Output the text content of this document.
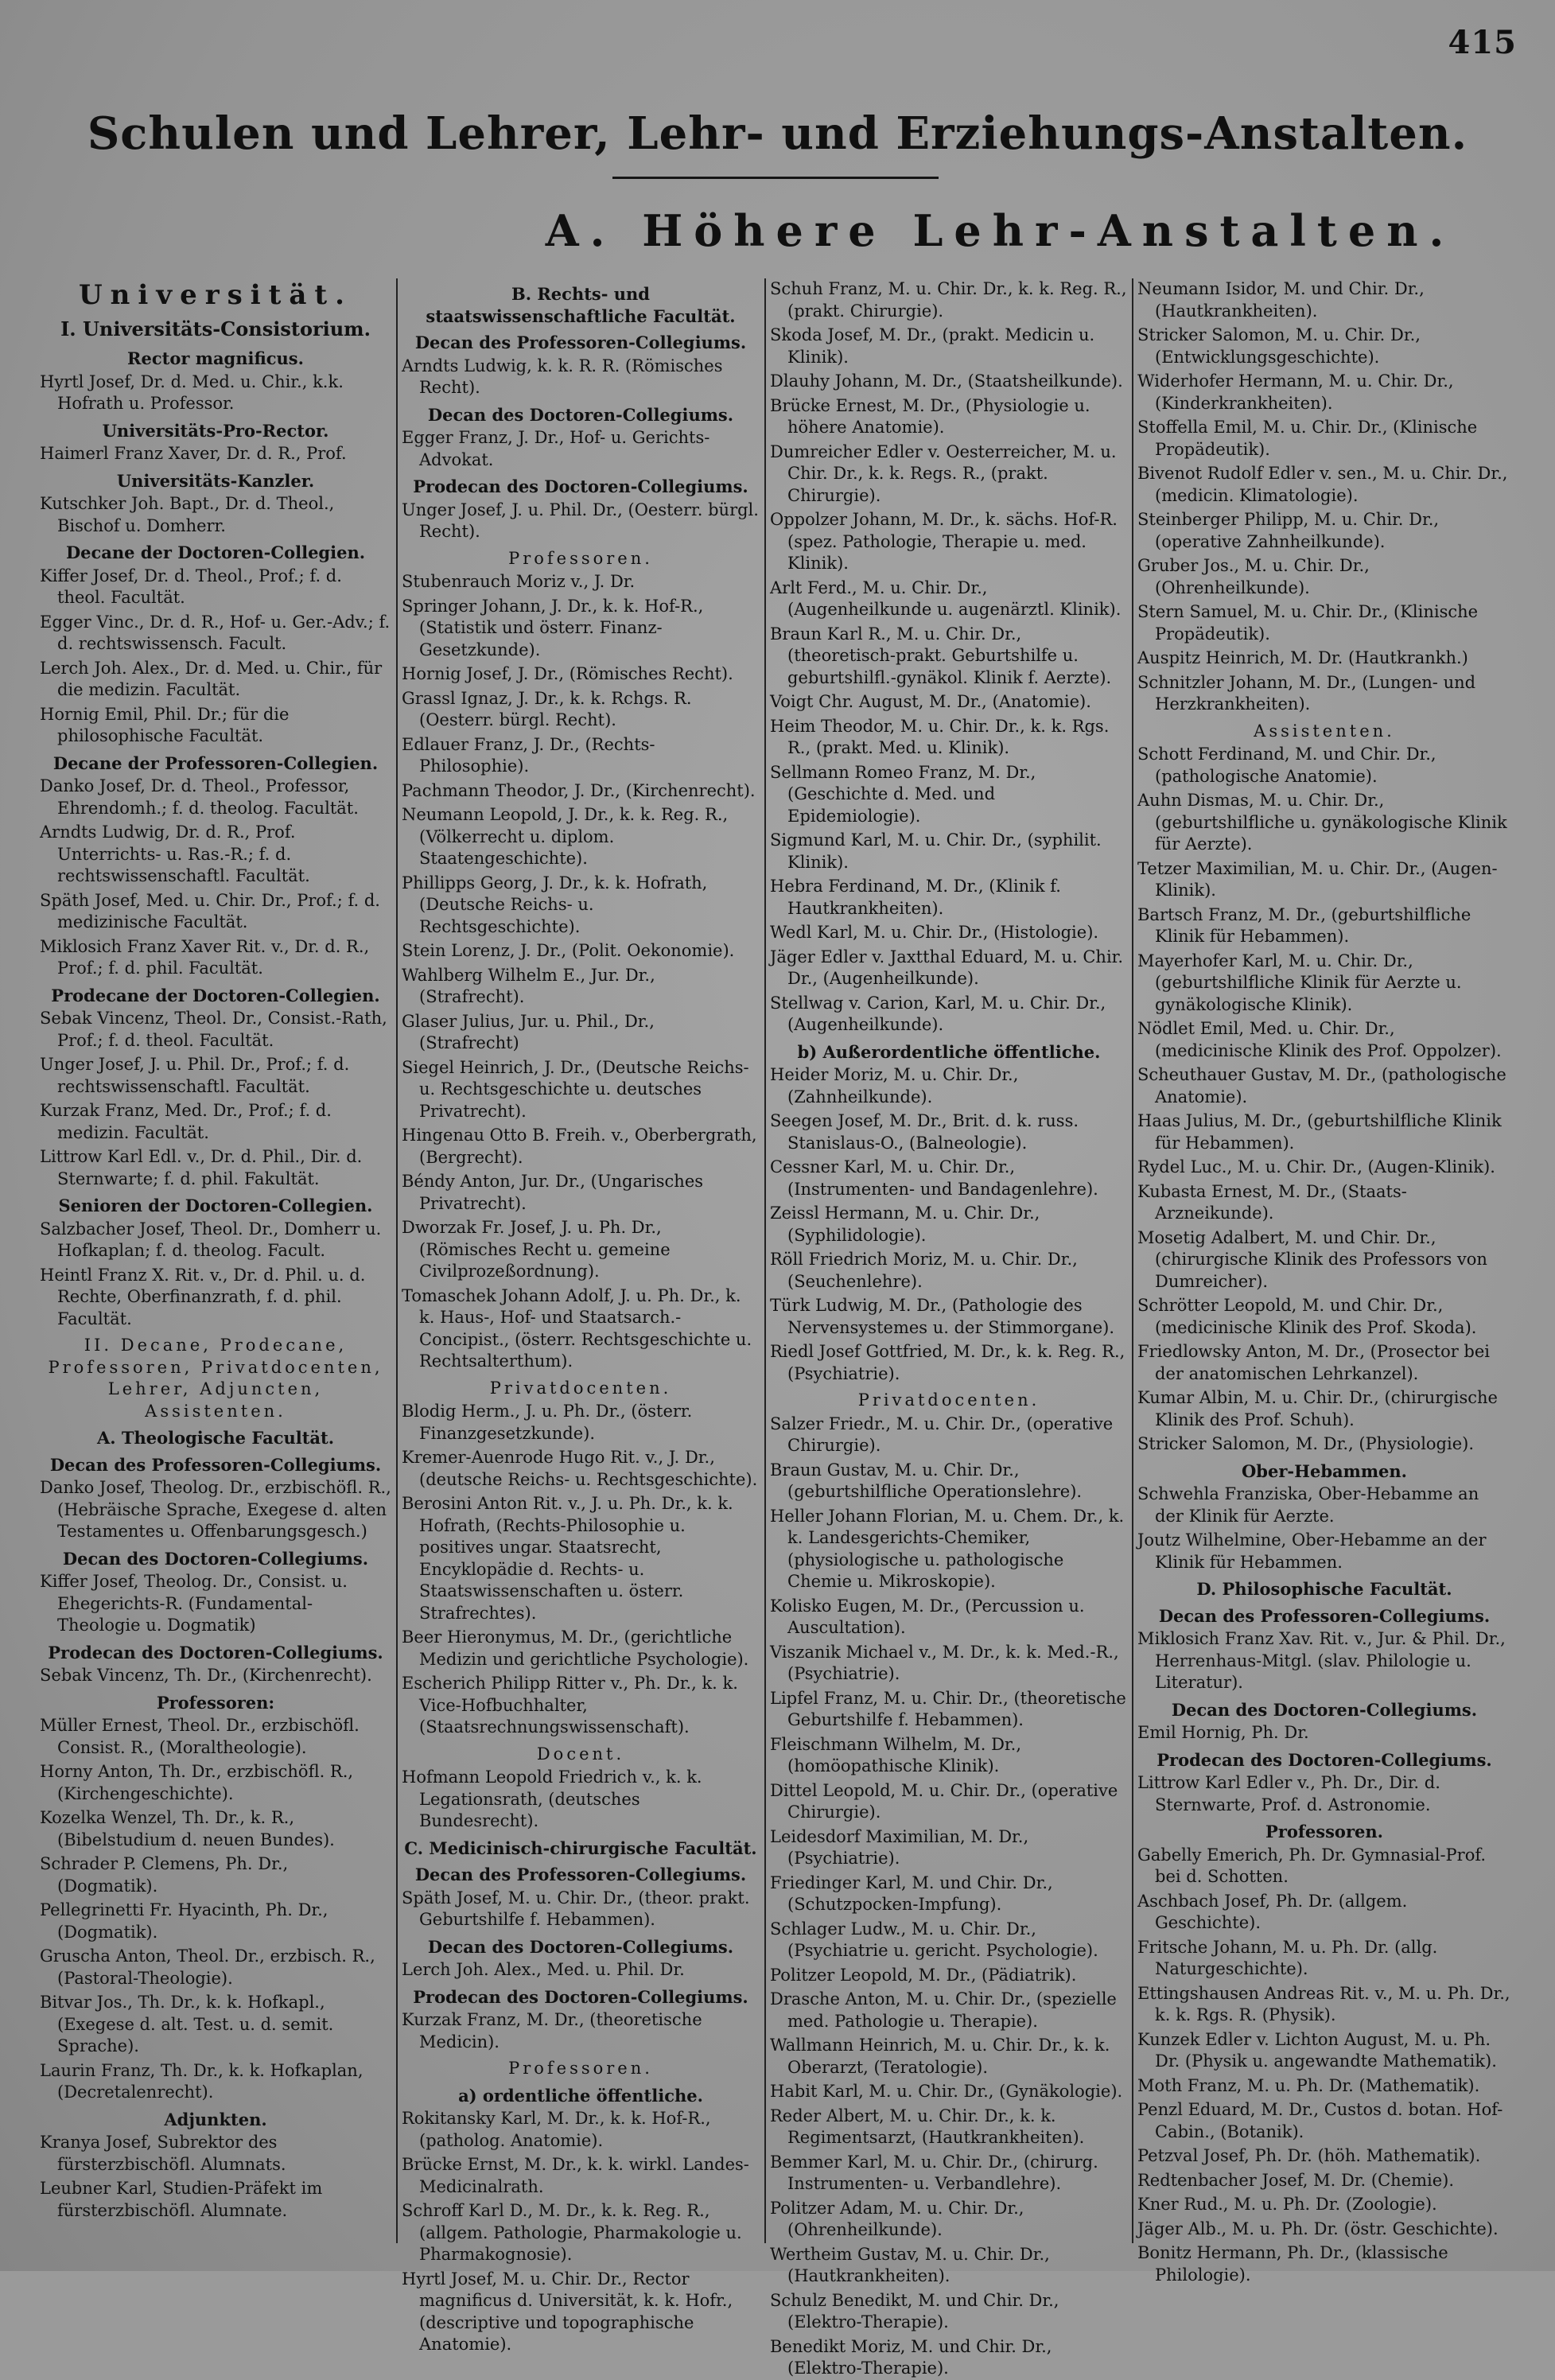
415
Schulen und Lehrer, Lehr- und Erziehungs-Anstalten.
A. Höhere Lehr-Anstalten.
Universität.
I. Universitäts-Consistorium.
Rector magnificus.
Hyrtl Josef, Dr. d. Med. u. Chir., k.k. Hofrath u. Professor.
Universitäts-Pro-Rector.
Haimerl Franz Xaver, Dr. d. R., Prof.
Universitäts-Kanzler.
Kutschker Joh. Bapt., Dr. d. Theol., Bischof u. Domherr.
Decane der Doctoren-Collegien.
Kiffer Josef, Dr. d. Theol., Prof.; f. d. theol. Facultät.
Egger Vinc., Dr. d. R., Hof- u. Ger.-Adv.; f. d. rechtswissensch. Facult.
Lerch Joh. Alex., Dr. d. Med. u. Chir., für die medizin. Facultät.
Hornig Emil, Phil. Dr.; für die philosophische Facultät.
Decane der Professoren-Collegien.
Danko Josef, Dr. d. Theol., Professor, Ehrendomh.; f. d. theolog. Facultät.
Arndts Ludwig, Dr. d. R., Prof. Unterrichts- u. Ras.-R.; f. d. rechtswissenschaftl. Facultät.
Späth Josef, Med. u. Chir. Dr., Prof.; f. d. medizinische Facultät.
Miklosich Franz Xaver Rit. v., Dr. d. R., Prof.; f. d. phil. Facultät.
Prodecane der Doctoren-Collegien.
Sebak Vincenz, Theol. Dr., Consist.-Rath, Prof.; f. d. theol. Facultät.
Unger Josef, J. u. Phil. Dr., Prof.; f. d. rechtswissenschaftl. Facultät.
Kurzak Franz, Med. Dr., Prof.; f. d. medizin. Facultät.
Littrow Karl Edl. v., Dr. d. Phil., Dir. d. Sternwarte; f. d. phil. Fakultät.
Senioren der Doctoren-Collegien.
Salzbacher Josef, Theol. Dr., Domherr u. Hofkaplan; f. d. theolog. Facult.
Heintl Franz X. Rit. v., Dr. d. Phil. u. d. Rechte, Oberfinanzrath, f. d. phil. Facultät.
II. Decane, Prodecane, Professoren, Privatdocenten, Lehrer, Adjuncten, Assistenten.
A. Theologische Facultät.
Decan des Professoren-Collegiums.
Danko Josef, Theolog. Dr., erzbischöfl. R., (Hebräische Sprache, Exegese d. alten Testamentes u. Offenbarungsgesch.)
Decan des Doctoren-Collegiums.
Kiffer Josef, Theolog. Dr., Consist. u. Ehegerichts-R. (Fundamental-Theologie u. Dogmatik)
Prodecan des Doctoren-Collegiums.
Sebak Vincenz, Th. Dr., (Kirchenrecht).
Professoren:
Müller Ernest, Theol. Dr., erzbischöfl. Consist. R., (Moraltheologie).
Horny Anton, Th. Dr., erzbischöfl. R., (Kirchengeschichte).
Kozelka Wenzel, Th. Dr., k. R., (Bibelstudium d. neuen Bundes).
Schrader P. Clemens, Ph. Dr., (Dogmatik).
Pellegrinetti Fr. Hyacinth, Ph. Dr., (Dogmatik).
Gruscha Anton, Theol. Dr., erzbisch. R., (Pastoral-Theologie).
Bitvar Jos., Th. Dr., k. k. Hofkapl., (Exegese d. alt. Test. u. d. semit. Sprache).
Laurin Franz, Th. Dr., k. k. Hofkaplan, (Decretalenrecht).
Adjunkten.
Kranya Josef, Subrektor des fürsterzbischöfl. Alumnats.
Leubner Karl, Studien-Präfekt im fürsterzbischöfl. Alumnate.
B. Rechts- und staatswissenschaftliche Facultät.
Decan des Professoren-Collegiums.
Arndts Ludwig, k. k. R. R. (Römisches Recht).
Decan des Doctoren-Collegiums.
Egger Franz, J. Dr., Hof- u. Gerichts-Advokat.
Prodecan des Doctoren-Collegiums.
Unger Josef, J. u. Phil. Dr., (Oesterr. bürgl. Recht).
Professoren.
Stubenrauch Moriz v., J. Dr.
Springer Johann, J. Dr., k. k. Hof-R., (Statistik und österr. Finanz-Gesetzkunde).
Hornig Josef, J. Dr., (Römisches Recht).
Grassl Ignaz, J. Dr., k. k. Rchgs. R. (Oesterr. bürgl. Recht).
Edlauer Franz, J. Dr., (Rechts-Philosophie).
Pachmann Theodor, J. Dr., (Kirchenrecht).
Neumann Leopold, J. Dr., k. k. Reg. R., (Völkerrecht u. diplom. Staatengeschichte).
Phillipps Georg, J. Dr., k. k. Hofrath, (Deutsche Reichs- u. Rechtsgeschichte).
Stein Lorenz, J. Dr., (Polit. Oekonomie).
Wahlberg Wilhelm E., Jur. Dr., (Strafrecht).
Glaser Julius, Jur. u. Phil., Dr., (Strafrecht)
Siegel Heinrich, J. Dr., (Deutsche Reichs- u. Rechtsgeschichte u. deutsches Privatrecht).
Hingenau Otto B. Freih. v., Oberbergrath, (Bergrecht).
Béndy Anton, Jur. Dr., (Ungarisches Privatrecht).
Dworzak Fr. Josef, J. u. Ph. Dr., (Römisches Recht u. gemeine Civilprozeßordnung).
Tomaschek Johann Adolf, J. u. Ph. Dr., k. k. Haus-, Hof- und Staatsarch.-Concipist., (österr. Rechtsgeschichte u. Rechtsalterthum).
Privatdocenten.
Blodig Herm., J. u. Ph. Dr., (österr. Finanzgesetzkunde).
Kremer-Auenrode Hugo Rit. v., J. Dr., (deutsche Reichs- u. Rechtsgeschichte).
Berosini Anton Rit. v., J. u. Ph. Dr., k. k. Hofrath, (Rechts-Philosophie u. positives ungar. Staatsrecht, Encyklopädie d. Rechts- u. Staatswissenschaften u. österr. Strafrechtes).
Beer Hieronymus, M. Dr., (gerichtliche Medizin und gerichtliche Psychologie).
Escherich Philipp Ritter v., Ph. Dr., k. k. Vice-Hofbuchhalter, (Staatsrechnungswissenschaft).
Docent.
Hofmann Leopold Friedrich v., k. k. Legationsrath, (deutsches Bundesrecht).
C. Medicinisch-chirurgische Facultät.
Decan des Professoren-Collegiums.
Späth Josef, M. u. Chir. Dr., (theor. prakt. Geburtshilfe f. Hebammen).
Decan des Doctoren-Collegiums.
Lerch Joh. Alex., Med. u. Phil. Dr.
Prodecan des Doctoren-Collegiums.
Kurzak Franz, M. Dr., (theoretische Medicin).
Professoren.
a) ordentliche öffentliche.
Rokitansky Karl, M. Dr., k. k. Hof-R., (patholog. Anatomie).
Brücke Ernst, M. Dr., k. k. wirkl. Landes-Medicinalrath.
Schroff Karl D., M. Dr., k. k. Reg. R., (allgem. Pathologie, Pharmakologie u. Pharmakognosie).
Hyrtl Josef, M. u. Chir. Dr., Rector magnificus d. Universität, k. k. Hofr., (descriptive und topographische Anatomie).
Schuh Franz, M. u. Chir. Dr., k. k. Reg. R., (prakt. Chirurgie).
Skoda Josef, M. Dr., (prakt. Medicin u. Klinik).
Dlauhy Johann, M. Dr., (Staatsheilkunde).
Brücke Ernest, M. Dr., (Physiologie u. höhere Anatomie).
Dumreicher Edler v. Oesterreicher, M. u. Chir. Dr., k. k. Regs. R., (prakt. Chirurgie).
Oppolzer Johann, M. Dr., k. sächs. Hof-R. (spez. Pathologie, Therapie u. med. Klinik).
Arlt Ferd., M. u. Chir. Dr., (Augenheilkunde u. augenärztl. Klinik).
Braun Karl R., M. u. Chir. Dr., (theoretisch-prakt. Geburtshilfe u. geburtshilfl.-gynäkol. Klinik f. Aerzte).
Voigt Chr. August, M. Dr., (Anatomie).
Heim Theodor, M. u. Chir. Dr., k. k. Rgs. R., (prakt. Med. u. Klinik).
Sellmann Romeo Franz, M. Dr., (Geschichte d. Med. und Epidemiologie).
Sigmund Karl, M. u. Chir. Dr., (syphilit. Klinik).
Hebra Ferdinand, M. Dr., (Klinik f. Hautkrankheiten).
Wedl Karl, M. u. Chir. Dr., (Histologie).
Jäger Edler v. Jaxtthal Eduard, M. u. Chir. Dr., (Augenheilkunde).
Stellwag v. Carion, Karl, M. u. Chir. Dr., (Augenheilkunde).
b) Außerordentliche öffentliche.
Heider Moriz, M. u. Chir. Dr., (Zahnheilkunde).
Seegen Josef, M. Dr., Brit. d. k. russ. Stanislaus-O., (Balneologie).
Cessner Karl, M. u. Chir. Dr., (Instrumenten- und Bandagenlehre).
Zeissl Hermann, M. u. Chir. Dr., (Syphilidologie).
Röll Friedrich Moriz, M. u. Chir. Dr., (Seuchenlehre).
Türk Ludwig, M. Dr., (Pathologie des Nervensystemes u. der Stimmorgane).
Riedl Josef Gottfried, M. Dr., k. k. Reg. R., (Psychiatrie).
Privatdocenten.
Salzer Friedr., M. u. Chir. Dr., (operative Chirurgie).
Braun Gustav, M. u. Chir. Dr., (geburtshilfliche Operationslehre).
Heller Johann Florian, M. u. Chem. Dr., k. k. Landesgerichts-Chemiker, (physiologische u. pathologische Chemie u. Mikroskopie).
Kolisko Eugen, M. Dr., (Percussion u. Auscultation).
Viszanik Michael v., M. Dr., k. k. Med.-R., (Psychiatrie).
Lipfel Franz, M. u. Chir. Dr., (theoretische Geburtshilfe f. Hebammen).
Fleischmann Wilhelm, M. Dr., (homöopathische Klinik).
Dittel Leopold, M. u. Chir. Dr., (operative Chirurgie).
Leidesdorf Maximilian, M. Dr., (Psychiatrie).
Friedinger Karl, M. und Chir. Dr., (Schutzpocken-Impfung).
Schlager Ludw., M. u. Chir. Dr., (Psychiatrie u. gericht. Psychologie).
Politzer Leopold, M. Dr., (Pädiatrik).
Drasche Anton, M. u. Chir. Dr., (spezielle med. Pathologie u. Therapie).
Wallmann Heinrich, M. u. Chir. Dr., k. k. Oberarzt, (Teratologie).
Habit Karl, M. u. Chir. Dr., (Gynäkologie).
Reder Albert, M. u. Chir. Dr., k. k. Regimentsarzt, (Hautkrankheiten).
Bemmer Karl, M. u. Chir. Dr., (chirurg. Instrumenten- u. Verbandlehre).
Politzer Adam, M. u. Chir. Dr., (Ohrenheilkunde).
Wertheim Gustav, M. u. Chir. Dr., (Hautkrankheiten).
Schulz Benedikt, M. und Chir. Dr., (Elektro-Therapie).
Benedikt Moriz, M. und Chir. Dr., (Elektro-Therapie).
Neumann Isidor, M. und Chir. Dr., (Hautkrankheiten).
Stricker Salomon, M. u. Chir. Dr., (Entwicklungsgeschichte).
Widerhofer Hermann, M. u. Chir. Dr., (Kinderkrankheiten).
Stoffella Emil, M. u. Chir. Dr., (Klinische Propädeutik).
Bivenot Rudolf Edler v. sen., M. u. Chir. Dr., (medicin. Klimatologie).
Steinberger Philipp, M. u. Chir. Dr., (operative Zahnheilkunde).
Gruber Jos., M. u. Chir. Dr., (Ohrenheilkunde).
Stern Samuel, M. u. Chir. Dr., (Klinische Propädeutik).
Auspitz Heinrich, M. Dr. (Hautkrankh.)
Schnitzler Johann, M. Dr., (Lungen- und Herzkrankheiten).
Assistenten.
Schott Ferdinand, M. und Chir. Dr., (pathologische Anatomie).
Auhn Dismas, M. u. Chir. Dr., (geburtshilfliche u. gynäkologische Klinik für Aerzte).
Tetzer Maximilian, M. u. Chir. Dr., (Augen-Klinik).
Bartsch Franz, M. Dr., (geburtshilfliche Klinik für Hebammen).
Mayerhofer Karl, M. u. Chir. Dr., (geburtshilfliche Klinik für Aerzte u. gynäkologische Klinik).
Nödlet Emil, Med. u. Chir. Dr., (medicinische Klinik des Prof. Oppolzer).
Scheuthauer Gustav, M. Dr., (pathologische Anatomie).
Haas Julius, M. Dr., (geburtshilfliche Klinik für Hebammen).
Rydel Luc., M. u. Chir. Dr., (Augen-Klinik).
Kubasta Ernest, M. Dr., (Staats-Arzneikunde).
Mosetig Adalbert, M. und Chir. Dr., (chirurgische Klinik des Professors von Dumreicher).
Schrötter Leopold, M. und Chir. Dr., (medicinische Klinik des Prof. Skoda).
Friedlowsky Anton, M. Dr., (Prosector bei der anatomischen Lehrkanzel).
Kumar Albin, M. u. Chir. Dr., (chirurgische Klinik des Prof. Schuh).
Stricker Salomon, M. Dr., (Physiologie).
Ober-Hebammen.
Schwehla Franziska, Ober-Hebamme an der Klinik für Aerzte.
Joutz Wilhelmine, Ober-Hebamme an der Klinik für Hebammen.
D. Philosophische Facultät.
Decan des Professoren-Collegiums.
Miklosich Franz Xav. Rit. v., Jur. & Phil. Dr., Herrenhaus-Mitgl. (slav. Philologie u. Literatur).
Decan des Doctoren-Collegiums.
Emil Hornig, Ph. Dr.
Prodecan des Doctoren-Collegiums.
Littrow Karl Edler v., Ph. Dr., Dir. d. Sternwarte, Prof. d. Astronomie.
Professoren.
Gabelly Emerich, Ph. Dr. Gymnasial-Prof. bei d. Schotten.
Aschbach Josef, Ph. Dr. (allgem. Geschichte).
Fritsche Johann, M. u. Ph. Dr. (allg. Naturgeschichte).
Ettingshausen Andreas Rit. v., M. u. Ph. Dr., k. k. Rgs. R. (Physik).
Kunzek Edler v. Lichton August, M. u. Ph. Dr. (Physik u. angewandte Mathematik).
Moth Franz, M. u. Ph. Dr. (Mathematik).
Penzl Eduard, M. Dr., Custos d. botan. Hof-Cabin., (Botanik).
Petzval Josef, Ph. Dr. (höh. Mathematik).
Redtenbacher Josef, M. Dr. (Chemie).
Kner Rud., M. u. Ph. Dr. (Zoologie).
Jäger Alb., M. u. Ph. Dr. (östr. Geschichte).
Bonitz Hermann, Ph. Dr., (klassische Philologie).
